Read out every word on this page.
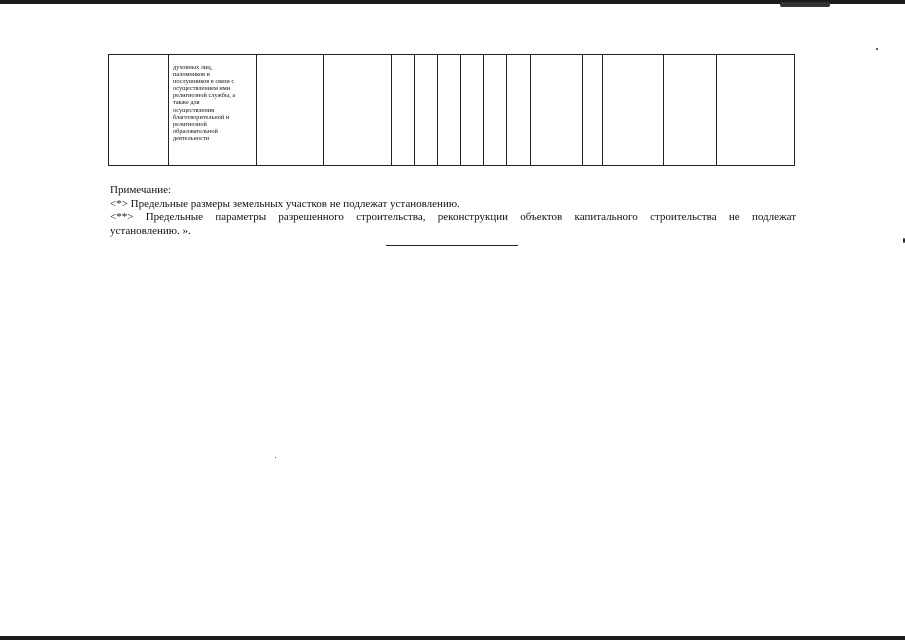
духовных лиц,
паломников и
послушников в связи с
осуществлением ими
религиозной службы, а
также для
осуществления
благотворительной и
религиозной
образовательной
деятельности

Примечание:

<*> Предельные размеры земельных участков не подлежат установлению.

<**> Предельные параметры разрешенного строительства, реконструкции объектов капитального строительства не подлежат

установлению. ».
